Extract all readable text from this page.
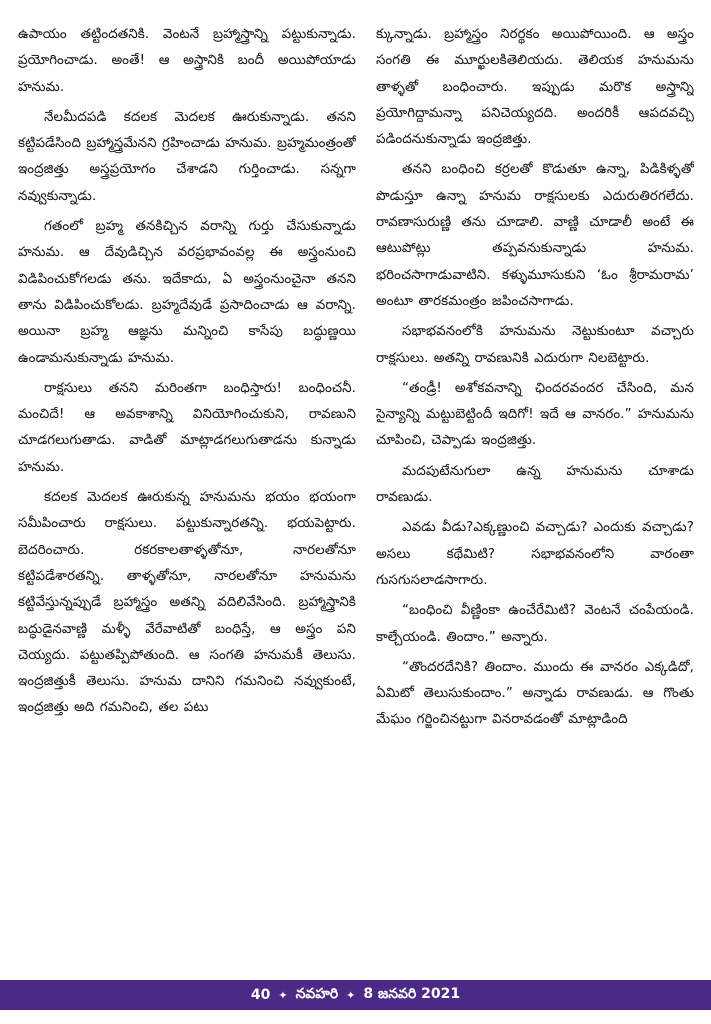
ఉపాయం తట్టిందతనికి. వెంటనే బ్రహ్మాస్త్రాన్ని పట్టుకున్నాడు. ప్రయోగించాడు. అంతే! ఆ అస్త్రానికి బందీ అయిపోయాడు హనుమ.

నేలమీదపడి కదలక మెదలక ఊరుకున్నాడు. తనని కట్టిపడేసింది బ్రహ్మాస్త్రమేనని గ్రహించాడు హనుమ. బ్రహ్మమంత్రంతో ఇంద్రజిత్తు అస్త్రప్రయోగం చేశాడని గుర్తించాడు. సన్నగా నవ్వుకున్నాడు.

గతంలో బ్రహ్మ తనకిచ్చిన వరాన్ని గుర్తు చేసుకున్నాడు హనుమ. ఆ దేవుడిచ్చిన వరప్రభావంవల్ల ఈ అస్త్రంనుంచి విడిపించుకోగలడు తను. ఇదేకాదు, ఏ అస్త్రంనుంచైనా తనని తాను విడిపించుకోలడు. బ్రహ్మదేవుడే ప్రసాదించాడు ఆ వరాన్ని. అయినా బ్రహ్మ ఆజ్ఞను మన్నించి కాసేపు బద్ధుణ్ణయి ఉండామనుకున్నాడు హనుమ.

రాక్షసులు తనని మరింతగా బంధిస్తారు! బంధించనీ. మంచిదే! ఆ అవకాశాన్ని వినియోగించుకుని, రావణుని చూడగలుగుతాడు. వాడితో మాట్లాడగలుగుతాడను కున్నాడు హనుమ.

కదలక మెదలక ఊరుకున్న హనుమను భయం భయంగా సమీపించారు రాక్షసులు. పట్టుకున్నారతన్ని. భయపెట్టారు. బెదరించారు. రకరకాలతాళ్ళతోనూ, నారలతోనూ కట్టిపడేశారతన్ని. తాళ్ళతోనూ, నారలతోనూ హనుమను కట్టివేస్తున్నప్పుడే బ్రహ్మాస్త్రం అతన్ని వదిలివేసింది. బ్రహ్మాస్త్రానికి బద్ధుడైనవాణ్ణి మళ్ళీ వేరేవాటితో బంధిస్తే, ఆ అస్త్రం పని చెయ్యదు. పట్టుతప్పిపోతుంది. ఆ సంగతి హనుమకీ తెలుసు. ఇంద్రజిత్తుకీ తెలుసు. హనుమ దానిని గమనించి నవ్వుకుంటే, ఇంద్రజిత్తు అది గమనించి, తల పటు

క్కున్నాడు. బ్రహ్మాస్త్రం నిరర్థకం అయిపోయింది. ఆ అస్త్రం సంగతి ఈ మూర్ఖులకితెలియదు. తెలియక హనుమను తాళ్ళతో బంధించారు. ఇప్పుడు మరొక అస్త్రాన్ని ప్రయోగిద్దామన్నా పనిచెయ్యదది. అందరికీ ఆపదవచ్చి పడిందనుకున్నాడు ఇంద్రజిత్తు.

తనని బంధించి కర్రలతో కొడుతూ ఉన్నా, పిడికిళ్ళతో పొడుస్తూ ఉన్నా హనుమ రాక్షసులకు ఎదురుతిరగలేదు. రావణాసురుణ్ణి తను చూడాలి. వాణ్ణి చూడాలీ అంటే ఈ ఆటుపోట్లు తప్పవనుకున్నాడు హనుమ. భరించసాగాడువాటిని. కళ్ళుమూసుకుని ‘ఓం శ్రీరామరామ’ అంటూ తారకమంత్రం జపించసాగాడు.

సభాభవనంలోకి హనుమను నెట్టుకుంటూ వచ్చారు రాక్షసులు. అతన్ని రావణునికి ఎదురుగా నిలబెట్టారు.

“తండ్రీ! అశోకవనాన్ని ఛిందరవందర చేసింది, మన సైన్యాన్ని మట్టుబెట్టిందీ ఇదిగో! ఇదే ఆ వానరం.” హనుమను చూపించి, చెప్పాడు ఇంద్రజిత్తు.

మదపుటేనుగులా ఉన్న హనుమను చూశాడు రావణుడు.

ఎవడు వీడు?ఎక్కణ్ణుంచి వచ్చాడు? ఎందుకు వచ్చాడు? అసలు కథేమిటి? సభాభవనంలోని వారంతా గుసగుసలాడసాగారు.

“బంధించి వీణ్ణింకా ఉంచేరేమిటి? వెంటనే చంపేయండి. కాల్చేయండి. తిందాం.” అన్నారు.

“తొందరదేనికి? తిందాం. ముందు ఈ వానరం ఎక్కడిదో, ఏమిటో తెలుసుకుందాం.” అన్నాడు రావణుడు. ఆ గొంతు మేఘం గర్జించినట్టుగా వినరావడంతో మాట్లాడింది

40 ✦ నవహరి ✦ 8 జనవరి 2021
